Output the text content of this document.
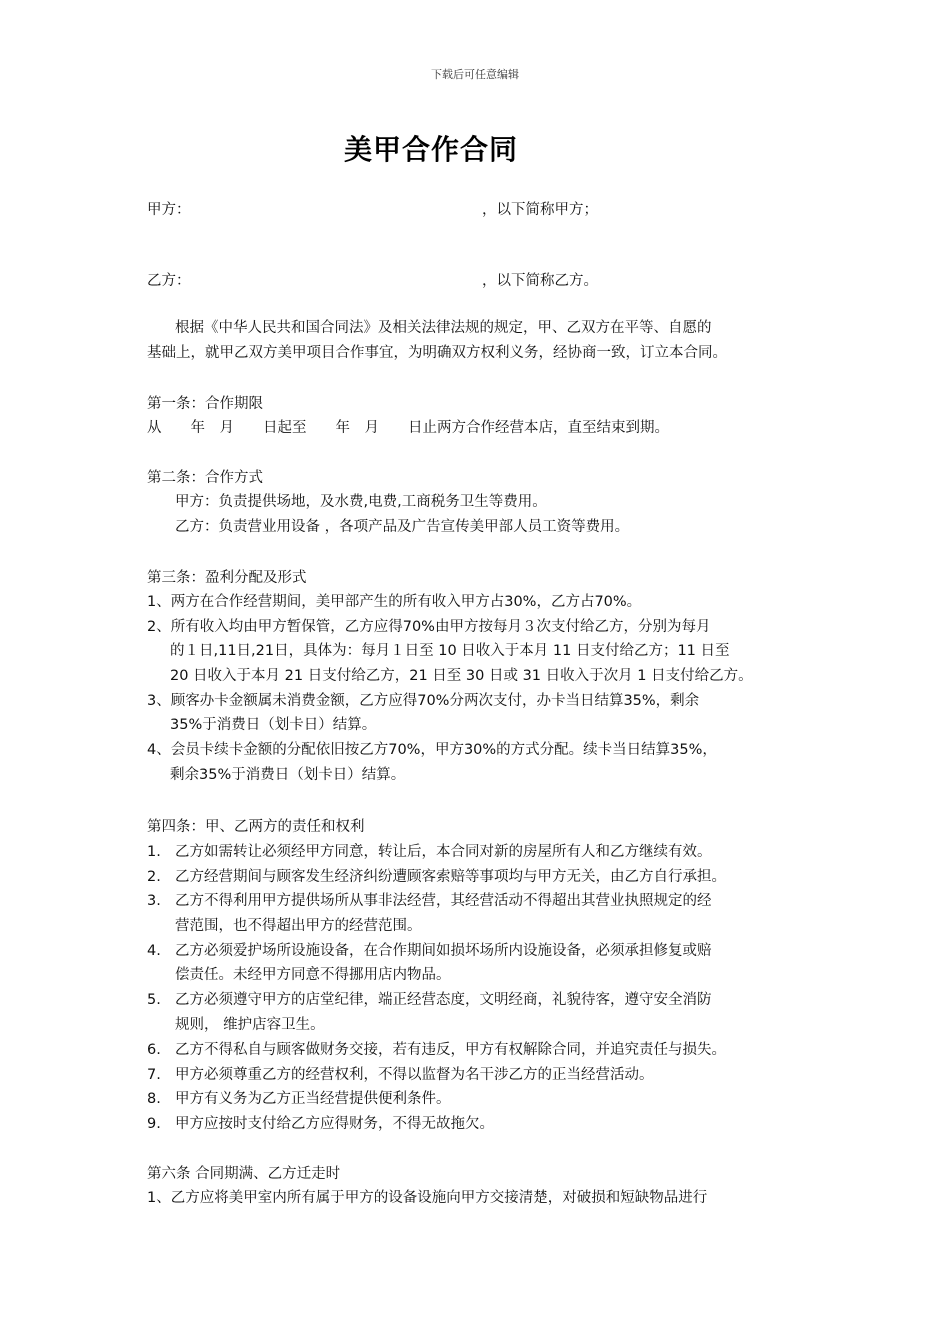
下载后可任意编辑
美甲合作合同
甲方：	，以下简称甲方；
乙方：	，以下简称乙方。
根据《中华人民共和国合同法》及相关法律法规的规定，甲、乙双方在平等、自愿的
基础上，就甲乙双方美甲项目合作事宜，为明确双方权利义务，经协商一致，订立本合同。
第一条：合作期限
从　　年　月　　日起至　　年　月　　日止两方合作经营本店，直至结束到期。
第二条：合作方式
甲方：负责提供场地，及水费,电费,工商税务卫生等费用。
乙方：负责营业用设备 ，各项产品及广告宣传美甲部人员工资等费用。
第三条：盈利分配及形式
1、两方在合作经营期间，美甲部产生的所有收入甲方占30%，乙方占70%。
2、所有收入均由甲方暂保管，乙方应得70%由甲方按每月３次支付给乙方，分别为每月
的１日,11日,21日，具体为：每月１日至 10 日收入于本月 11 日支付给乙方；11 日至
20 日收入于本月 21 日支付给乙方，21 日至 30 日或 31 日收入于次月 1 日支付给乙方。
3、顾客办卡金额属未消费金额，乙方应得70%分两次支付，办卡当日结算35%，剩余
35%于消费日（划卡日）结算。
4、会员卡续卡金额的分配依旧按乙方70%，甲方30%的方式分配。续卡当日结算35%，
剩余35%于消费日（划卡日）结算。
第四条：甲、乙两方的责任和权利
1. 乙方如需转让必须经甲方同意，转让后，本合同对新的房屋所有人和乙方继续有效。
2. 乙方经营期间与顾客发生经济纠纷遭顾客索赔等事项均与甲方无关，由乙方自行承担。
3. 乙方不得利用甲方提供场所从事非法经营，其经营活动不得超出其营业执照规定的经
营范围，也不得超出甲方的经营范围。
4. 乙方必须爱护场所设施设备，在合作期间如损坏场所内设施设备，必须承担修复或赔
偿责任。未经甲方同意不得挪用店内物品。
5. 乙方必须遵守甲方的店堂纪律，端正经营态度，文明经商，礼貌待客，遵守安全消防
规则， 维护店容卫生。
6. 乙方不得私自与顾客做财务交接，若有违反，甲方有权解除合同，并追究责任与损失。
7. 甲方必须尊重乙方的经营权利，不得以监督为名干涉乙方的正当经营活动。
8. 甲方有义务为乙方正当经营提供便利条件。
9. 甲方应按时支付给乙方应得财务，不得无故拖欠。
第六条 合同期满、乙方迁走时
1、乙方应将美甲室内所有属于甲方的设备设施向甲方交接清楚，对破损和短缺物品进行
